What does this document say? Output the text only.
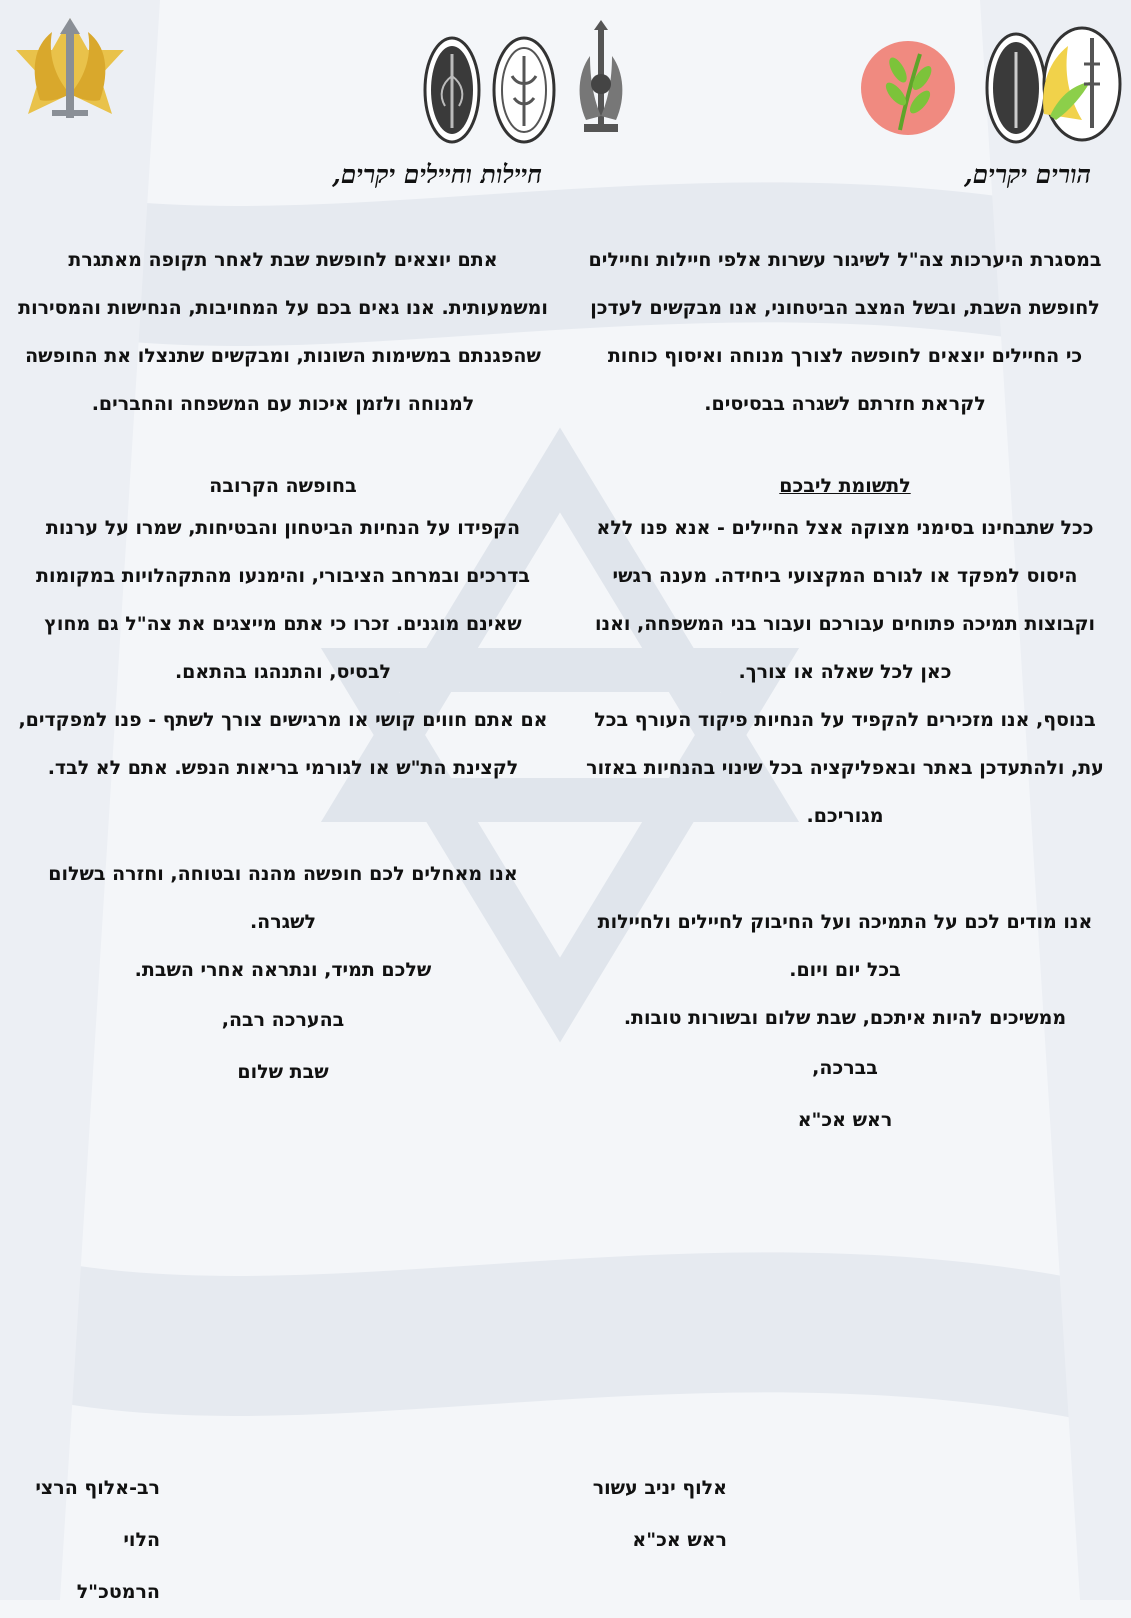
הורים יקרים,

במסגרת היערכות צה"ל לשיגור עשרות אלפי חיילות וחיילים לחופשת השבת, ובשל המצב הביטחוני, אנו מבקשים לעדכן כי החיילים יוצאים לחופשה לצורך מנוחה ואיסוף כוחות לקראת חזרתם לשגרה בבסיסים.

לתשומת ליבכם

ככל שתבחינו בסימני מצוקה אצל החיילים - אנא פנו ללא היסוס למפקד או לגורם המקצועי ביחידה. מענה רגשי וקבוצות תמיכה פתוחים עבורכם ועבור בני המשפחה, ואנו כאן לכל שאלה או צורך.

בנוסף, אנו מזכירים להקפיד על הנחיות פיקוד העורף בכל עת, ולהתעדכן באתר ובאפליקציה בכל שינוי בהנחיות באזור מגוריכם.

אנו מודים לכם על התמיכה ועל החיבוק לחיילים ולחיילות בכל יום ויום.

ממשיכים להיות איתכם, שבת שלום ובשורות טובות.

בברכה,

ראש אכ"א

אלוף יניב עשור

ראש אכ"א

חיילות וחיילים יקרים,

אתם יוצאים לחופשת שבת לאחר תקופה מאתגרת ומשמעותית. אנו גאים בכם על המחויבות, הנחישות והמסירות שהפגנתם במשימות השונות, ומבקשים שתנצלו את החופשה למנוחה ולזמן איכות עם המשפחה והחברים.

בחופשה הקרובה

הקפידו על הנחיות הביטחון והבטיחות, שמרו על ערנות בדרכים ובמרחב הציבורי, והימנעו מהתקהלויות במקומות שאינם מוגנים. זכרו כי אתם מייצגים את צה"ל גם מחוץ לבסיס, והתנהגו בהתאם.

אם אתם חווים קושי או מרגישים צורך לשתף - פנו למפקדים, לקצינת הת"ש או לגורמי בריאות הנפש. אתם לא לבד.

אנו מאחלים לכם חופשה מהנה ובטוחה, וחזרה בשלום לשגרה.

שלכם תמיד, ונתראה אחרי השבת.

בהערכה רבה,

שבת שלום

רב-אלוף הרצי הלוי

הרמטכ"ל
